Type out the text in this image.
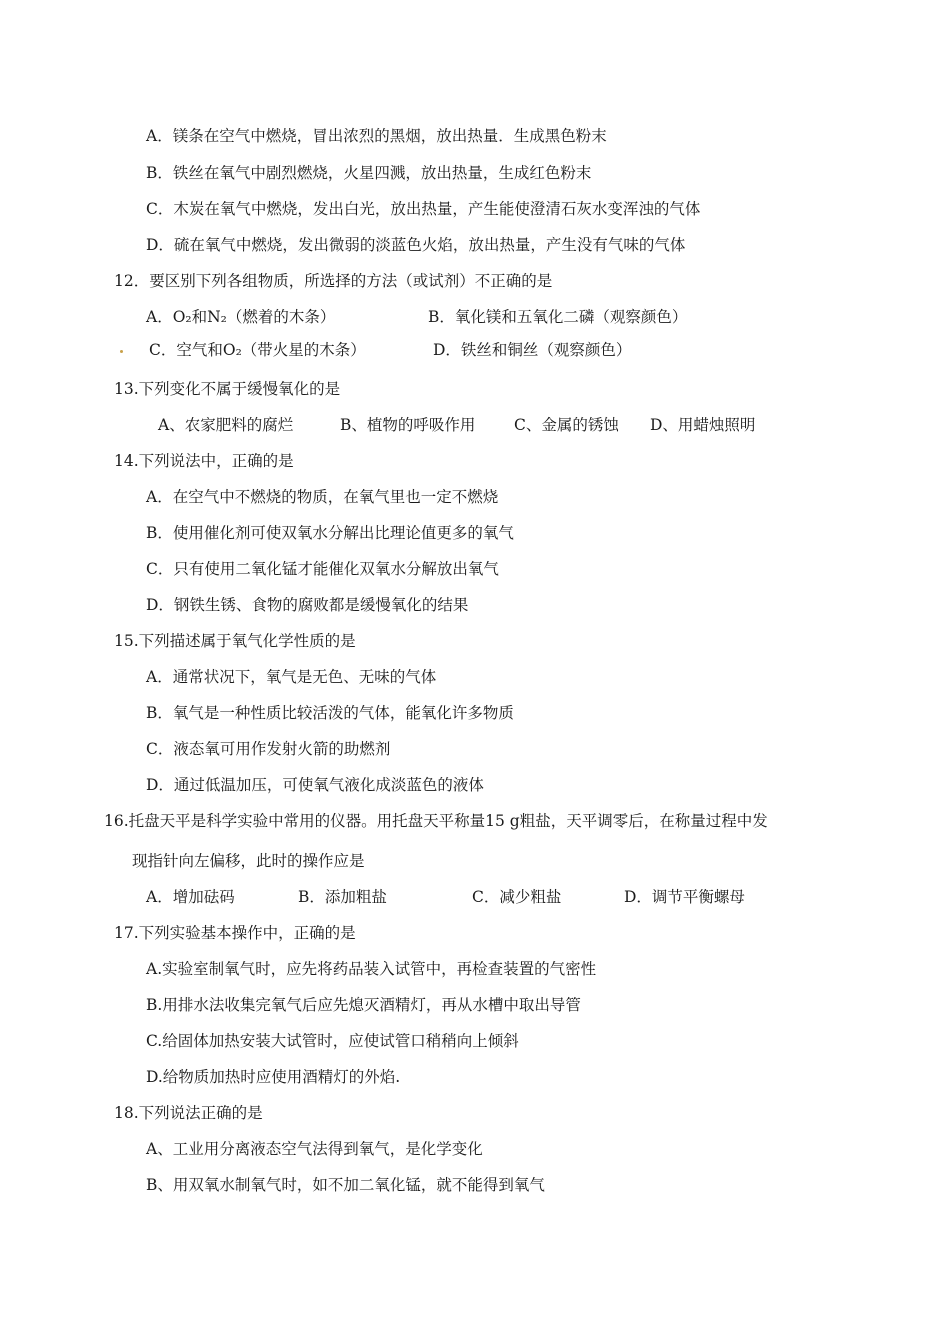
A．镁条在空气中燃烧，冒出浓烈的黑烟，放出热量．生成黑色粉末
B．铁丝在氧气中剧烈燃烧，火星四溅，放出热量，生成红色粉末
C．木炭在氧气中燃烧，发出白光，放出热量，产生能使澄清石灰水变浑浊的气体
D．硫在氧气中燃烧，发出微弱的淡蓝色火焰，放出热量，产生没有气味的气体
12．要区别下列各组物质，所选择的方法（或试剂）不正确的是
A．O₂和N₂（燃着的木条）	B．氧化镁和五氧化二磷（观察颜色）
C．空气和O₂（带火星的木条）	D．铁丝和铜丝（观察颜色）
13.下列变化不属于缓慢氧化的是
A、农家肥料的腐烂	B、植物的呼吸作用 C、金属的锈蚀 D、用蜡烛照明
14.下列说法中，正确的是
A．在空气中不燃烧的物质，在氧气里也一定不燃烧
B．使用催化剂可使双氧水分解出比理论值更多的氧气
C．只有使用二氧化锰才能催化双氧水分解放出氧气
D．钢铁生锈、食物的腐败都是缓慢氧化的结果
15.下列描述属于氧气化学性质的是
A．通常状况下，氧气是无色、无味的气体
B．氧气是一种性质比较活泼的气体，能氧化许多物质
C．液态氧可用作发射火箭的助燃剂
D．通过低温加压，可使氧气液化成淡蓝色的液体
16.托盘天平是科学实验中常用的仪器。用托盘天平称量15 g粗盐，天平调零后，在称量过程中发
现指针向左偏移，此时的操作应是
A．增加砝码	B．添加粗盐	C．减少粗盐	D．调节平衡螺母
17.下列实验基本操作中，正确的是
A.实验室制氧气时，应先将药品装入试管中，再检查装置的气密性
B.用排水法收集完氧气后应先熄灭酒精灯，再从水槽中取出导管
C.给固体加热安装大试管时，应使试管口稍稍向上倾斜
D.给物质加热时应使用酒精灯的外焰.
18.下列说法正确的是
A、工业用分离液态空气法得到氧气，是化学变化
B、用双氧水制氧气时，如不加二氧化锰，就不能得到氧气
